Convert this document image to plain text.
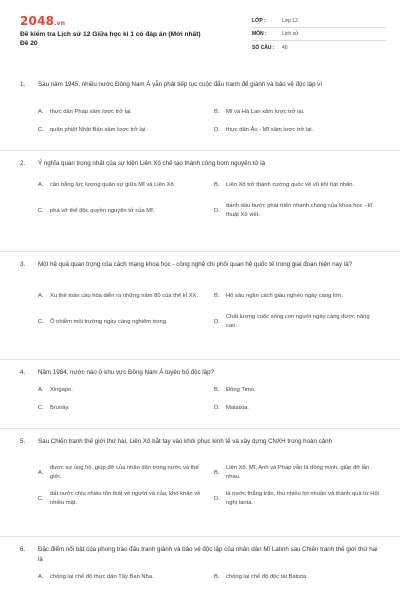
2048.vn
Đề kiểm tra Lịch sử 12 Giữa học kì 1 có đáp án (Mới nhất)
Đề 20
LỚP :	Lớp 12
MÔN :	Lịch sử
SỐ CÂU :	40
1. Sau năm 1945, nhiều nước Đông Nam Á vẫn phải tiếp tục cuộc đấu tranh để giành và bảo vệ độc lập vì
A.	thực dân Pháp xâm lược trở lại.	B.	Mĩ và Hà Lan xâm lược trở lại.
C.	quân phiệt Nhật Bản xâm lược trở lại.	D.	thực dân Âu - Mĩ xâm lược trở lại.
2. Ý nghĩa quan trọng nhất của sự kiện Liên Xô chế tạo thành công bom nguyên tử là
A.	cân bằng lực lượng quân sự giữa Mĩ và Liên Xô.	B.	Liên Xô trở thành cường quốc về vũ khí hạt nhân.
C.	phá vỡ thế độc quyền nguyên tử của Mĩ.	D.
đánh dấu bước phát triển nhanh chóng của khoa học - kĩ thuật Xô viết.
3. Một hệ quả quan trọng của cách mạng khoa học - công nghệ chi phối quan hệ quốc tế trong giai đoạn hiện nay là?
A.	Xu thế toàn cầu hóa diễn ra những năm 80 của thế kỉ XX.	B.	Hố sâu ngăn cách giàu nghèo ngày càng lớn.
C.	Ô nhiễm môi trường ngày càng nghiêm trọng.	D.
Chất lượng cuộc sống con người ngày càng được nâng cao.
4. Năm 1984, nước nào ở khu vực Đông Nam Á tuyên bố độc lập?
A.	Xingapo.	B.	Đông Timo.
C.	Brunây.	D.	Malaixia.
5. Sau Chiến tranh thế giới thứ hai, Liên Xô bắt tay vào khôi phục kinh tế và xây dựng CNXH trong hoàn cảnh
A.
được sự ủng hộ, giúp đỡ của nhân dân trong nước và thế giới.
B.
Liên Xô, Mĩ, Anh và Pháp vẫn là đồng minh, giúp đỡ lẫn nhau.
C.
đất nước chịu nhiều tổn thất về người và của, khó khăn về nhiều mặt.
D.
là nước thắng trận, thu nhiều lợi nhuận và thành quả từ Hội nghị Ianta.
6. Đặc điểm nổi bật của phong trào đấu tranh giành và bảo vệ độc lập của nhân dân Mĩ Latinh sau Chiến tranh thế giới thứ hai là
A.	chống lại chế độ thực dân Tây Ban Nha.	B.	chống lại chế độ độc tài Batixta.
